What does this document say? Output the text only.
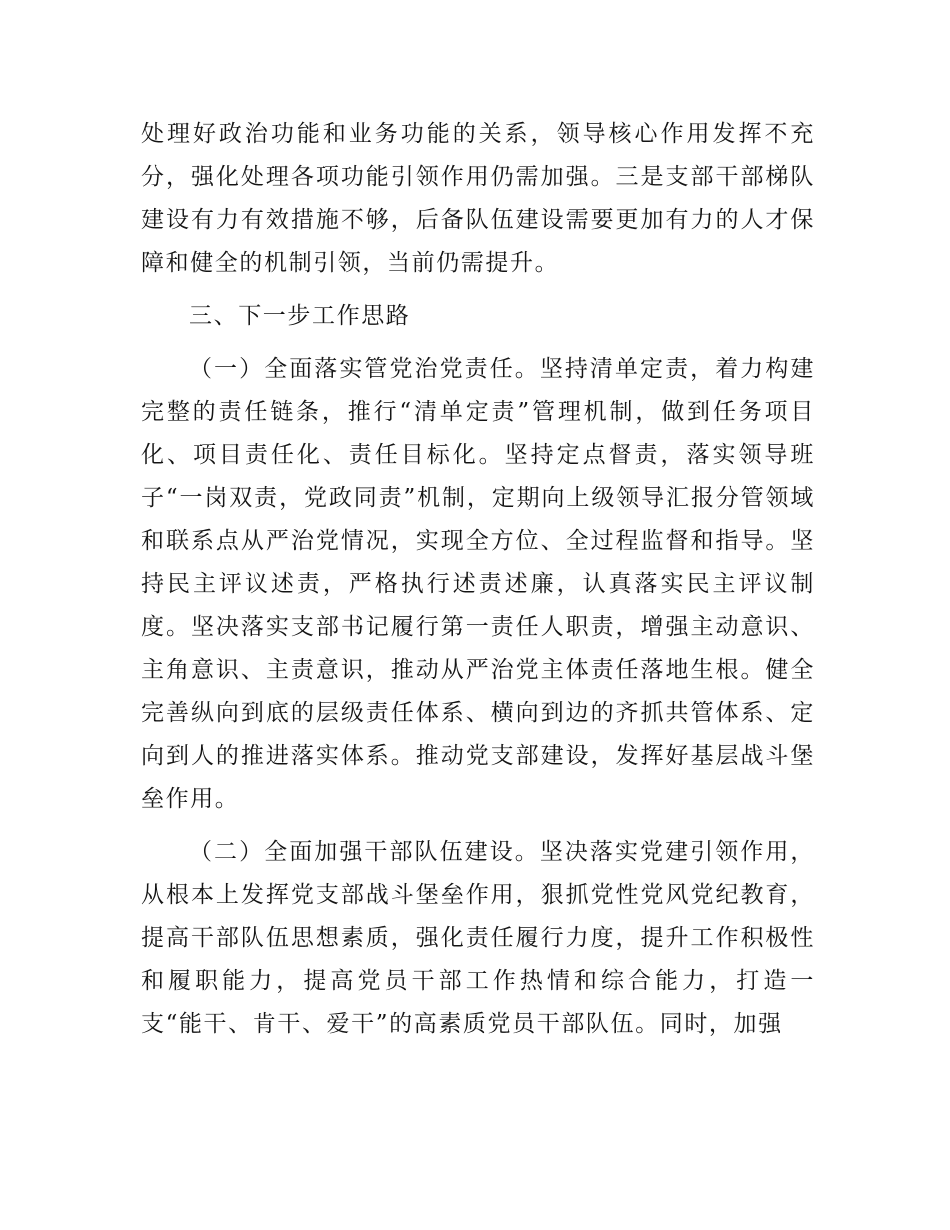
处理好政治功能和业务功能的关系，领导核心作用发挥不充分，强化处理各项功能引领作用仍需加强。三是支部干部梯队建设有力有效措施不够，后备队伍建设需要更加有力的人才保障和健全的机制引领，当前仍需提升。

三、下一步工作思路

（一）全面落实管党治党责任。坚持清单定责，着力构建完整的责任链条，推行“清单定责”管理机制，做到任务项目化、项目责任化、责任目标化。坚持定点督责，落实领导班子“一岗双责，党政同责”机制，定期向上级领导汇报分管领域和联系点从严治党情况，实现全方位、全过程监督和指导。坚持民主评议述责，严格执行述责述廉，认真落实民主评议制度。坚决落实支部书记履行第一责任人职责，增强主动意识、主角意识、主责意识，推动从严治党主体责任落地生根。健全完善纵向到底的层级责任体系、横向到边的齐抓共管体系、定向到人的推进落实体系。推动党支部建设，发挥好基层战斗堡垒作用。

（二）全面加强干部队伍建设。坚决落实党建引领作用，从根本上发挥党支部战斗堡垒作用，狠抓党性党风党纪教育，提高干部队伍思想素质，强化责任履行力度，提升工作积极性和履职能力，提高党员干部工作热情和综合能力，打造一支“能干、肯干、爱干”的高素质党员干部队伍。同时，加强
